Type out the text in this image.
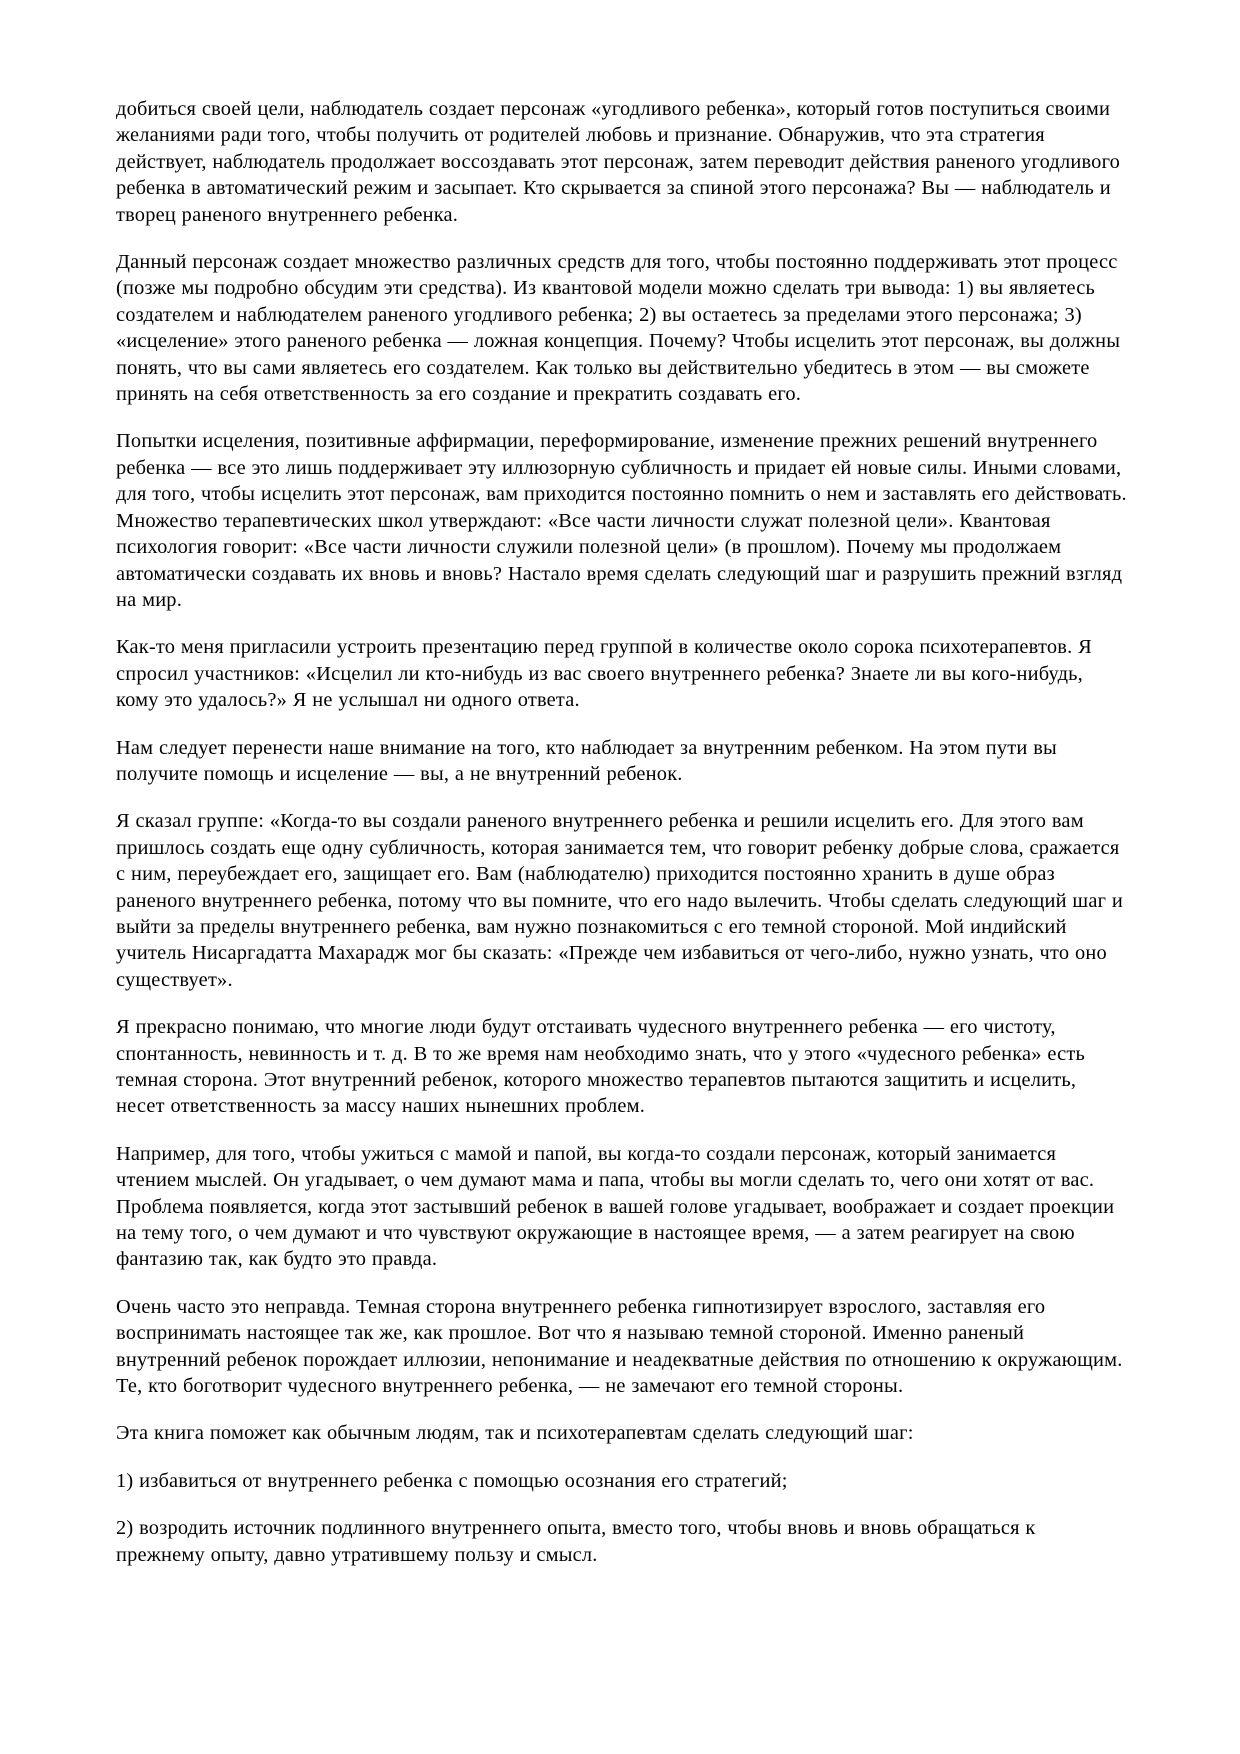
добиться своей цели, наблюдатель создает персонаж «угодливого ребенка», который готов поступиться своими желаниями ради того, чтобы получить от родителей любовь и признание. Обнаружив, что эта стратегия действует, наблюдатель продолжает воссоздавать этот персонаж, затем переводит действия раненого угодливого ребенка в автоматический режим и засыпает. Кто скрывается за спиной этого персонажа? Вы — наблюдатель и творец раненого внутреннего ребенка.

Данный персонаж создает множество различных средств для того, чтобы постоянно поддерживать этот процесс (позже мы подробно обсудим эти средства). Из квантовой модели можно сделать три вывода: 1) вы являетесь создателем и наблюдателем раненого угодливого ребенка; 2) вы остаетесь за пределами этого персонажа; 3) «исцеление» этого раненого ребенка — ложная концепция. Почему? Чтобы исцелить этот персонаж, вы должны понять, что вы сами являетесь его создателем. Как только вы действительно убедитесь в этом — вы сможете принять на себя ответственность за его создание и прекратить создавать его.

Попытки исцеления, позитивные аффирмации, переформирование, изменение прежних решений внутреннего ребенка — все это лишь поддерживает эту иллюзорную субличность и придает ей новые силы. Иными словами, для того, чтобы исцелить этот персонаж, вам приходится постоянно помнить о нем и заставлять его действовать. Множество терапевтических школ утверждают: «Все части личности служат полезной цели». Квантовая психология говорит: «Все части личности служили полезной цели» (в прошлом). Почему мы продолжаем автоматически создавать их вновь и вновь? Настало время сделать следующий шаг и разрушить прежний взгляд на мир.

Как-то меня пригласили устроить презентацию перед группой в количестве около сорока психотерапевтов. Я спросил участников: «Исцелил ли кто-нибудь из вас своего внутреннего ребенка? Знаете ли вы кого-нибудь, кому это удалось?» Я не услышал ни одного ответа.

Нам следует перенести наше внимание на того, кто наблюдает за внутренним ребенком. На этом пути вы получите помощь и исцеление — вы, а не внутренний ребенок.

Я сказал группе: «Когда-то вы создали раненого внутреннего ребенка и решили исцелить его. Для этого вам пришлось создать еще одну субличность, которая занимается тем, что говорит ребенку добрые слова, сражается с ним, переубеждает его, защищает его. Вам (наблюдателю) приходится постоянно хранить в душе образ раненого внутреннего ребенка, потому что вы помните, что его надо вылечить. Чтобы сделать следующий шаг и выйти за пределы внутреннего ребенка, вам нужно познакомиться с его темной стороной. Мой индийский учитель Нисаргадатта Махарадж мог бы сказать: «Прежде чем избавиться от чего-либо, нужно узнать, что оно существует».

Я прекрасно понимаю, что многие люди будут отстаивать чудесного внутреннего ребенка — его чистоту, спонтанность, невинность и т. д. В то же время нам необходимо знать, что у этого «чудесного ребенка» есть темная сторона. Этот внутренний ребенок, которого множество терапевтов пытаются защитить и исцелить, несет ответственность за массу наших нынешних проблем.

Например, для того, чтобы ужиться с мамой и папой, вы когда-то создали персонаж, который занимается чтением мыслей. Он угадывает, о чем думают мама и папа, чтобы вы могли сделать то, чего они хотят от вас. Проблема появляется, когда этот застывший ребенок в вашей голове угадывает, воображает и создает проекции на тему того, о чем думают и что чувствуют окружающие в настоящее время, — а затем реагирует на свою фантазию так, как будто это правда.

Очень часто это неправда. Темная сторона внутреннего ребенка гипнотизирует взрослого, заставляя его воспринимать настоящее так же, как прошлое. Вот что я называю темной стороной. Именно раненый внутренний ребенок порождает иллюзии, непонимание и неадекватные действия по отношению к окружающим. Те, кто боготворит чудесного внутреннего ребенка, — не замечают его темной стороны.

Эта книга поможет как обычным людям, так и психотерапевтам сделать следующий шаг:

1) избавиться от внутреннего ребенка с помощью осознания его стратегий;

2) возродить источник подлинного внутреннего опыта, вместо того, чтобы вновь и вновь обращаться к прежнему опыту, давно утратившему пользу и смысл.
